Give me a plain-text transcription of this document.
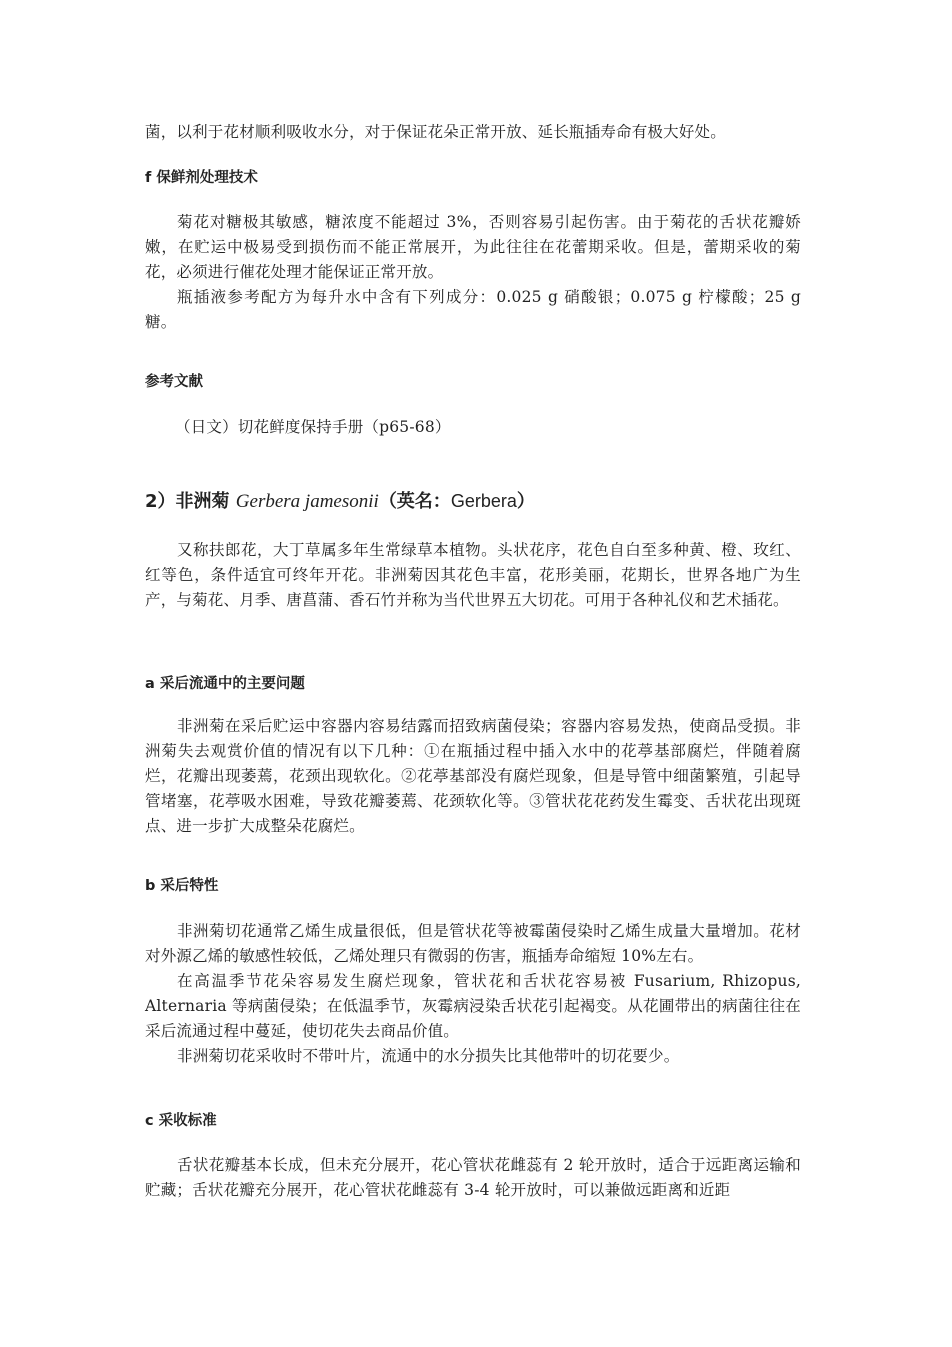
菌，以利于花材顺利吸收水分，对于保证花朵正常开放、延长瓶插寿命有极大好处。

f 保鲜剂处理技术

菊花对糖极其敏感，糖浓度不能超过 3%，否则容易引起伤害。由于菊花的舌状花瓣娇嫩，在贮运中极易受到损伤而不能正常展开，为此往往在花蕾期采收。但是，蕾期采收的菊花，必须进行催花处理才能保证正常开放。

瓶插液参考配方为每升水中含有下列成分：0.025 g 硝酸银；0.075 g 柠檬酸；25 g 糖。

参考文献

（日文）切花鲜度保持手册（p65-68）

2）非洲菊 Gerbera jamesonii（英名：Gerbera）

又称扶郎花，大丁草属多年生常绿草本植物。头状花序，花色自白至多种黄、橙、玫红、红等色，条件适宜可终年开花。非洲菊因其花色丰富，花形美丽，花期长，世界各地广为生产，与菊花、月季、唐菖蒲、香石竹并称为当代世界五大切花。可用于各种礼仪和艺术插花。

a 采后流通中的主要问题

非洲菊在采后贮运中容器内容易结露而招致病菌侵染；容器内容易发热，使商品受损。非洲菊失去观赏价值的情况有以下几种：①在瓶插过程中插入水中的花葶基部腐烂，伴随着腐烂，花瓣出现萎蔫，花颈出现软化。②花葶基部没有腐烂现象，但是导管中细菌繁殖，引起导管堵塞，花葶吸水困难，导致花瓣萎蔫、花颈软化等。③管状花花药发生霉变、舌状花出现斑点、进一步扩大成整朵花腐烂。

b 采后特性

非洲菊切花通常乙烯生成量很低，但是管状花等被霉菌侵染时乙烯生成量大量增加。花材对外源乙烯的敏感性较低，乙烯处理只有微弱的伤害，瓶插寿命缩短 10%左右。

在高温季节花朵容易发生腐烂现象，管状花和舌状花容易被 Fusarium, Rhizopus, Alternaria 等病菌侵染；在低温季节，灰霉病浸染舌状花引起褐变。从花圃带出的病菌往往在采后流通过程中蔓延，使切花失去商品价值。

非洲菊切花采收时不带叶片，流通中的水分损失比其他带叶的切花要少。

c 采收标准

舌状花瓣基本长成，但未充分展开，花心管状花雌蕊有 2 轮开放时，适合于远距离运输和贮藏；舌状花瓣充分展开，花心管状花雌蕊有 3-4 轮开放时，可以兼做远距离和近距
